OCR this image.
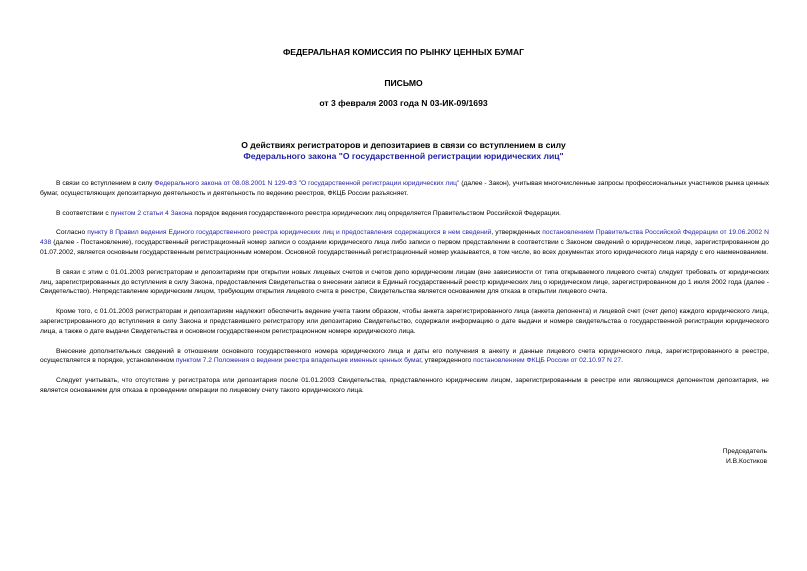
ФЕДЕРАЛЬНАЯ КОМИССИЯ ПО РЫНКУ ЦЕННЫХ БУМАГ
ПИСЬМО
от 3 февраля 2003 года N 03-ИК-09/1693
О действиях регистраторов и депозитариев в связи со вступлением в силу
Федерального закона "О государственной регистрации юридических лиц"

В связи со вступлением в силу Федерального закона от 08.08.2001 N 129-ФЗ "О государственной регистрации юридических лиц" (далее - Закон), учитывая многочисленные запросы профессиональных участников рынка ценных бумаг, осуществляющих депозитарную деятельность и деятельность по ведению реестров, ФКЦБ России разъясняет.

В соответствии с пунктом 2 статьи 4 Закона порядок ведения государственного реестра юридических лиц определяется Правительством Российской Федерации.

Согласно пункту 8 Правил ведения Единого государственного реестра юридических лиц и предоставления содержащихся в нем сведений, утвержденных постановлением Правительства Российской Федерации от 19.06.2002 N 438 (далее - Постановление), государственный регистрационный номер записи о создании юридического лица либо записи о первом представлении в соответствии с Законом сведений о юридическом лице, зарегистрированном до 01.07.2002, является основным государственным регистрационным номером. Основной государственный регистрационный номер указывается, в том числе, во всех документах этого юридического лица наряду с его наименованием.

В связи с этим с 01.01.2003 регистраторам и депозитариям при открытии новых лицевых счетов и счетов депо юридическим лицам (вне зависимости от типа открываемого лицевого счета) следует требовать от юридических лиц, зарегистрированных до вступления в силу Закона, предоставления Свидетельства о внесении записи в Единый государственный реестр юридических лиц о юридическом лице, зарегистрированном до 1 июля 2002 года (далее - Свидетельство). Непредставление юридическим лицом, требующим открытия лицевого счета в реестре, Свидетельства является основанием для отказа в открытии лицевого счета.

Кроме того, с 01.01.2003 регистраторам и депозитариям надлежит обеспечить ведение учета таким образом, чтобы анкета зарегистрированного лица (анкета депонента) и лицевой счет (счет депо) каждого юридического лица, зарегистрированного до вступления в силу Закона и представившего регистратору или депозитарию Свидетельство, содержали информацию о дате выдачи и номере свидетельства о государственной регистрации юридического лица, а также о дате выдачи Свидетельства и основном государственном регистрационном номере юридического лица.

Внесение дополнительных сведений в отношении основного государственного номера юридического лица и даты его получения в анкету и данные лицевого счета юридического лица, зарегистрированного в реестре, осуществляется в порядке, установленном пунктом 7.2 Положения о ведении реестра владельцев именных ценных бумаг, утвержденного постановлением ФКЦБ России от 02.10.97 N 27.

Следует учитывать, что отсутствие у регистратора или депозитария после 01.01.2003 Свидетельства, представленного юридическим лицом, зарегистрированным в реестре или являющимся депонентом депозитария, не является основанием для отказа в проведении операции по лицевому счету такого юридического лица.

Председатель
И.В.Костиков
